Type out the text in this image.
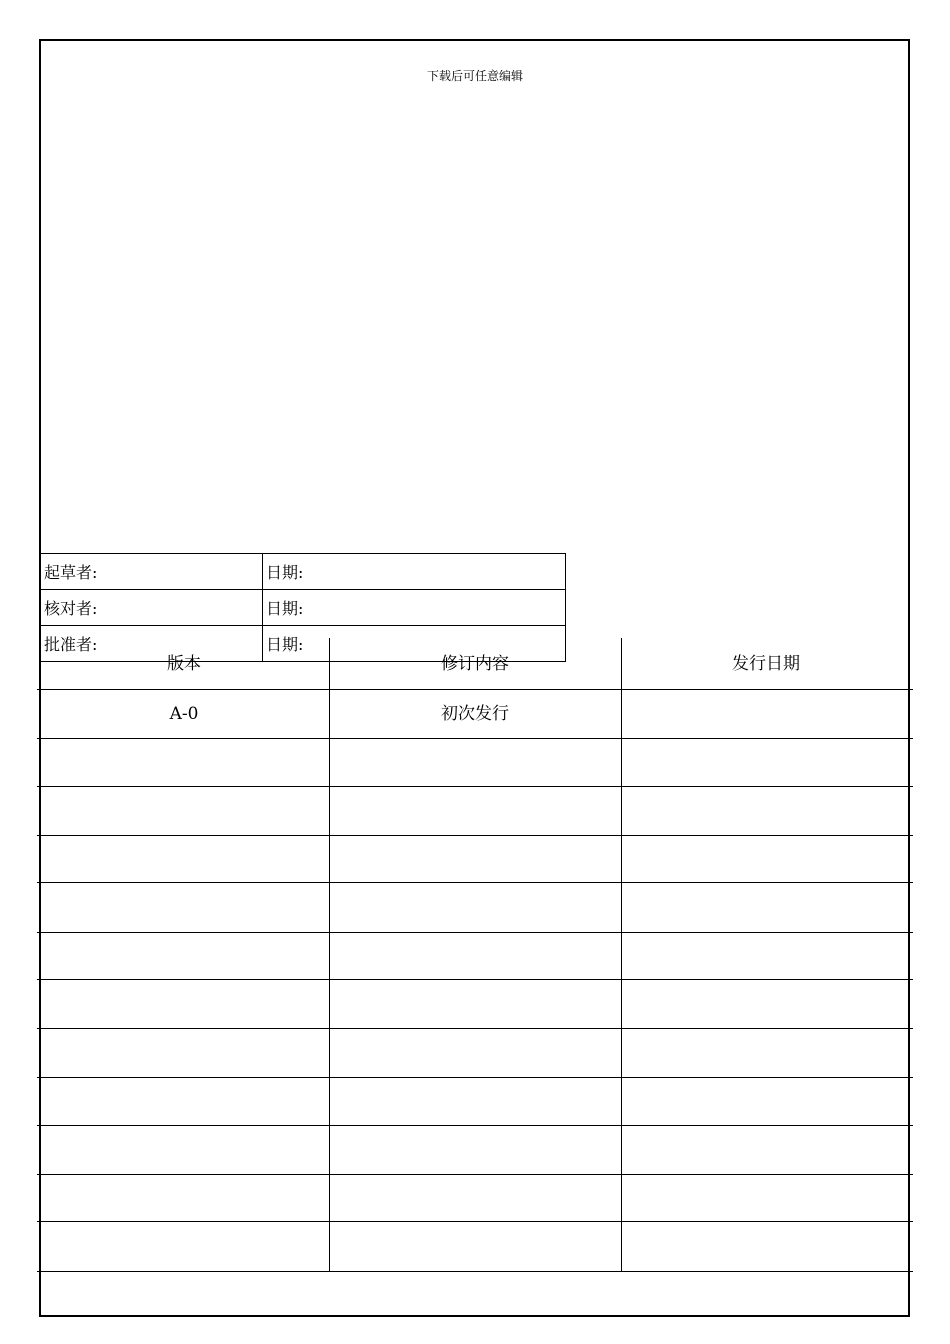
下载后可任意编辑
起草者:	日期:
核对者:	日期:
批准者:	日期:
版本	修订内容	发行日期
A-0	初次发行
